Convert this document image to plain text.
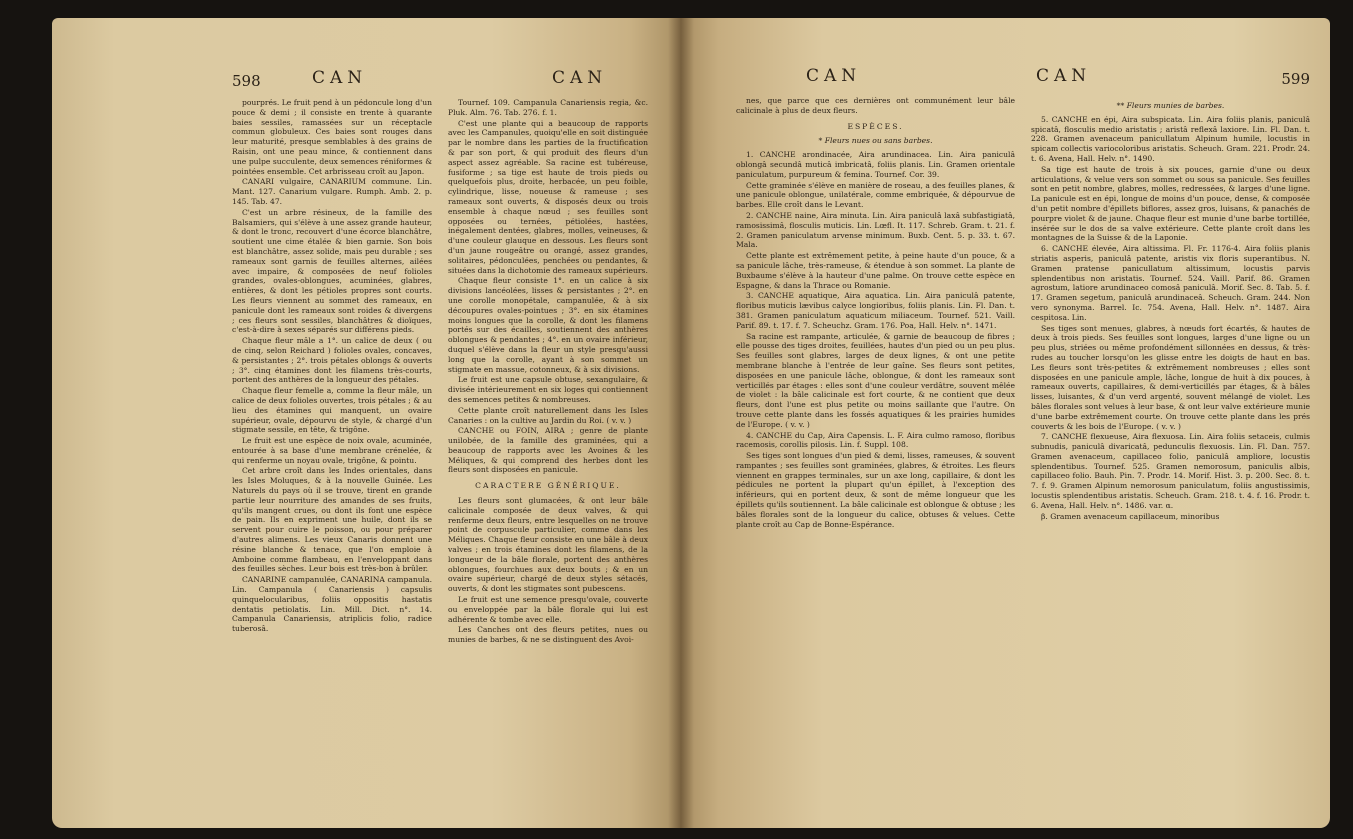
598	CAN	CAN

pourprés. Le fruit pend à un pédoncule long d'un pouce & demi ; il consiste en trente à quarante baies sessiles, ramassées sur un réceptacle commun globuleux. Ces baies sont rouges dans leur maturité, presque semblables à des grains de Raisin, ont une peau mince, & contiennent dans une pulpe succulente, deux semences réniformes & pointées ensemble. Cet arbrisseau croît au Japon.

CANARI vulgaire, CANARIUM commune. Lin. Mant. 127. Canarium vulgare. Rumph. Amb. 2. p. 145. Tab. 47.

C'est un arbre résineux, de la famille des Balsamiers, qui s'élève à une assez grande hauteur, & dont le tronc, recouvert d'une écorce blanchâtre, soutient une cime étalée & bien garnie. Son bois est blanchâtre, assez solide, mais peu durable ; ses rameaux sont garnis de feuilles alternes, ailées avec impaire, & composées de neuf folioles grandes, ovales-oblongues, acuminées, glabres, entières, & dont les pétioles propres sont courts. Les fleurs viennent au sommet des rameaux, en panicule dont les rameaux sont roides & divergens ; ces fleurs sont sessiles, blanchâtres & dioïques, c'est-à-dire à sexes séparés sur différens pieds.

Chaque fleur mâle a 1°. un calice de deux ( ou de cinq, selon Reichard ) folioles ovales, concaves, & persistantes ; 2°. trois pétales oblongs & ouverts ; 3°. cinq étamines dont les filamens très-courts, portent des anthères de la longueur des pétales.

Chaque fleur femelle a, comme la fleur mâle, un calice de deux folioles ouvertes, trois pétales ; & au lieu des étamines qui manquent, un ovaire supérieur, ovale, dépourvu de style, & chargé d'un stigmate sessile, en tête, & trigône.

Le fruit est une espèce de noix ovale, acuminée, entourée à sa base d'une membrane crénelée, & qui renferme un noyau ovale, trigône, & pointu.

Cet arbre croît dans les Indes orientales, dans les Isles Moluques, & à la nouvelle Guinée. Les Naturels du pays où il se trouve, tirent en grande partie leur nourriture des amandes de ses fruits, qu'ils mangent crues, ou dont ils font une espèce de pain. Ils en expriment une huile, dont ils se servent pour cuire le poisson, ou pour préparer d'autres alimens. Les vieux Canaris donnent une résine blanche & tenace, que l'on emploie à Amboine comme flambeau, en l'enveloppant dans des feuilles sèches. Leur bois est très-bon à brûler.

CANARINE campanulée, CANARINA campanula. Lin. Campanula ( Canariensis ) capsulis quinquelocularibus, foliis oppositis hastatis dentatis petiolatis. Lin. Mill. Dict. n°. 14. Campanula Canariensis, atriplicis folio, radice tuberosâ.

Tournef. 109. Campanula Canariensis regia, &c. Pluk. Alm. 76. Tab. 276. f. 1.

C'est une plante qui a beaucoup de rapports avec les Campanules, quoiqu'elle en soit distinguée par le nombre dans les parties de la fructification & par son port, & qui produit des fleurs d'un aspect assez agréable. Sa racine est tubéreuse, fusiforme ; sa tige est haute de trois pieds ou quelquefois plus, droite, herbacée, un peu foible, cylindrique, lisse, noueuse & rameuse ; ses rameaux sont ouverts, & disposés deux ou trois ensemble à chaque nœud ; ses feuilles sont opposées ou ternées, pétiolées, hastées, inégalement dentées, glabres, molles, veineuses, & d'une couleur glauque en dessous. Les fleurs sont d'un jaune rougeâtre ou orangé, assez grandes, solitaires, pédonculées, penchées ou pendantes, & situées dans la dichotomie des rameaux supérieurs.

Chaque fleur consiste 1°. en un calice à six divisions lancéolées, lisses & persistantes ; 2°. en une corolle monopétale, campanulée, & à six découpures ovales-pointues ; 3°. en six étamines moins longues que la corolle, & dont les filamens portés sur des écailles, soutiennent des anthères oblongues & pendantes ; 4°. en un ovaire inférieur, duquel s'élève dans la fleur un style presqu'aussi long que la corolle, ayant à son sommet un stigmate en massue, cotonneux, & à six divisions.

Le fruit est une capsule obtuse, sexangulaire, & divisée intérieurement en six loges qui contiennent des semences petites & nombreuses.

Cette plante croît naturellement dans les Isles Canaries : on la cultive au Jardin du Roi. ( v. v. )

CANCHE ou FOIN, AIRA ; genre de plante unilobée, de la famille des graminées, qui a beaucoup de rapports avec les Avoines & les Méliques, & qui comprend des herbes dont les fleurs sont disposées en panicule.

CARACTERE GÉNÉRIQUE.

Les fleurs sont glumacées, & ont leur bâle calicinale composée de deux valves, & qui renferme deux fleurs, entre lesquelles on ne trouve point de corpuscule particulier, comme dans les Méliques. Chaque fleur consiste en une bâle à deux valves ; en trois étamines dont les filamens, de la longueur de la bâle florale, portent des anthères oblongues, fourchues aux deux bouts ; & en un ovaire supérieur, chargé de deux styles sétacés, ouverts, & dont les stigmates sont pubescens.

Le fruit est une semence presqu'ovale, couverte ou enveloppée par la bâle florale qui lui est adhérente & tombe avec elle.

Les Canches ont des fleurs petites, nues ou munies de barbes, & ne se distinguent des Avoi-

CAN	CAN	599

nes, que parce que ces dernières ont communément leur bâle calicinale à plus de deux fleurs.

ESPÈCES.

* Fleurs nues ou sans barbes.

1. CANCHE arondinacée, Aira arundinacea. Lin. Aira paniculâ oblongâ secundâ muticâ imbricatâ, foliis planis. Lin. Gramen orientale paniculatum, purpureum & femina. Tournef. Cor. 39.

Cette graminée s'élève en manière de roseau, a des feuilles planes, & une panicule oblongue, unilatérale, comme embriquée, & dépourvue de barbes. Elle croît dans le Levant.

2. CANCHE naine, Aira minuta. Lin. Aira paniculâ laxâ subfastigiatâ, ramosissimâ, flosculis muticis. Lin. Lœfl. It. 117. Schreb. Gram. t. 21. f. 2. Gramen paniculatum arvense minimum. Buxb. Cent. 5. p. 33. t. 67. Mala.

Cette plante est extrêmement petite, à peine haute d'un pouce, & a sa panicule lâche, très-rameuse, & étendue à son sommet. La plante de Buxbaume s'élève à la hauteur d'une palme. On trouve cette espèce en Espagne, & dans la Thrace ou Romanie.

3. CANCHE aquatique, Aira aquatica. Lin. Aira paniculâ patente, floribus muticis lævibus calyce longioribus, foliis planis. Lin. Fl. Dan. t. 381. Gramen paniculatum aquaticum miliaceum. Tournef. 521. Vaill. Parif. 89. t. 17. f. 7. Scheuchz. Gram. 176. Poa, Hall. Helv. n°. 1471.

Sa racine est rampante, articulée, & garnie de beaucoup de fibres ; elle pousse des tiges droites, feuillées, hautes d'un pied ou un peu plus. Ses feuilles sont glabres, larges de deux lignes, & ont une petite membrane blanche à l'entrée de leur gaîne. Ses fleurs sont petites, disposées en une panicule lâche, oblongue, & dont les rameaux sont verticillés par étages : elles sont d'une couleur verdâtre, souvent mêlée de violet : la bâle calicinale est fort courte, & ne contient que deux fleurs, dont l'une est plus petite ou moins saillante que l'autre. On trouve cette plante dans les fossés aquatiques & les prairies humides de l'Europe. ( v. v. )

4. CANCHE du Cap, Aira Capensis. L. F. Aira culmo ramoso, floribus racemosis, corollis pilosis. Lin. f. Suppl. 108.

Ses tiges sont longues d'un pied & demi, lisses, rameuses, & souvent rampantes ; ses feuilles sont graminées, glabres, & étroites. Les fleurs viennent en grappes terminales, sur un axe long, capillaire, & dont les pédicules ne portent la plupart qu'un épillet, à l'exception des inférieurs, qui en portent deux, & sont de même longueur que les épillets qu'ils soutiennent. La bâle calicinale est oblongue & obtuse ; les bâles florales sont de la longueur du calice, obtuses & velues. Cette plante croît au Cap de Bonne-Espérance.

** Fleurs munies de barbes.

5. CANCHE en épi, Aira subspicata. Lin. Aira foliis planis, paniculâ spicatâ, flosculis medio aristatis ; aristâ reflexâ laxiore. Lin. Fl. Dan. t. 228. Gramen avenaceum panicullatum Alpinum humile, locustis in spicam collectis variocoloribus aristatis. Scheuch. Gram. 221. Prodr. 24. t. 6. Avena, Hall. Helv. n°. 1490.

Sa tige est haute de trois à six pouces, garnie d'une ou deux articulations, & velue vers son sommet ou sous sa panicule. Ses feuilles sont en petit nombre, glabres, molles, redressées, & larges d'une ligne. La panicule est en épi, longue de moins d'un pouce, dense, & composée d'un petit nombre d'épillets biflores, assez gros, luisans, & panachés de pourpre violet & de jaune. Chaque fleur est munie d'une barbe tortillée, insérée sur le dos de sa valve extérieure. Cette plante croît dans les montagnes de la Suisse & de la Laponie.

6. CANCHE élevée, Aira altissima. Fl. Fr. 1176-4. Aira foliis planis striatis asperis, paniculâ patente, aristis vix floris superantibus. N. Gramen pratense panicullatum altissimum, locustis parvis splendentibus non aristatis. Tournef. 524. Vaill. Parif. 86. Gramen agrostum, latiore arundinaceo comosâ paniculâ. Morif. Sec. 8. Tab. 5. f. 17. Gramen segetum, paniculâ arundinaceâ. Scheuch. Gram. 244. Non vero synonyma. Barrel. Ic. 754. Avena, Hall. Helv. n°. 1487. Aira cespitosa. Lin.

Ses tiges sont menues, glabres, à nœuds fort écartés, & hautes de deux à trois pieds. Ses feuilles sont longues, larges d'une ligne ou un peu plus, striées ou même profondément sillonnées en dessus, & très-rudes au toucher lorsqu'on les glisse entre les doigts de haut en bas. Les fleurs sont très-petites & extrêmement nombreuses ; elles sont disposées en une panicule ample, lâche, longue de huit à dix pouces, à rameaux ouverts, capillaires, & demi-verticillés par étages, & à bâles lisses, luisantes, & d'un verd argenté, souvent mélangé de violet. Les bâles florales sont velues à leur base, & ont leur valve extérieure munie d'une barbe extrêmement courte. On trouve cette plante dans les prés couverts & les bois de l'Europe. ( v. v. )

7. CANCHE flexueuse, Aira flexuosa. Lin. Aira foliis setaceis, culmis subnudis, paniculâ divaricatâ, pedunculis flexuosis. Lin. Fl. Dan. 757. Gramen avenaceum, capillaceo folio, paniculâ ampliore, locustis splendentibus. Tournef. 525. Gramen nemorosum, paniculis albis, capillaceo folio. Bauh. Pin. 7. Prodr. 14. Morif. Hist. 3. p. 200. Sec. 8. t. 7. f. 9. Gramen Alpinum nemorosum paniculatum, foliis angustissimis, locustis splendentibus aristatis. Scheuch. Gram. 218. t. 4. f. 16. Prodr. t. 6. Avena, Hall. Helv. n°. 1486. var. α.

β. Gramen avenaceum capillaceum, minoribus
